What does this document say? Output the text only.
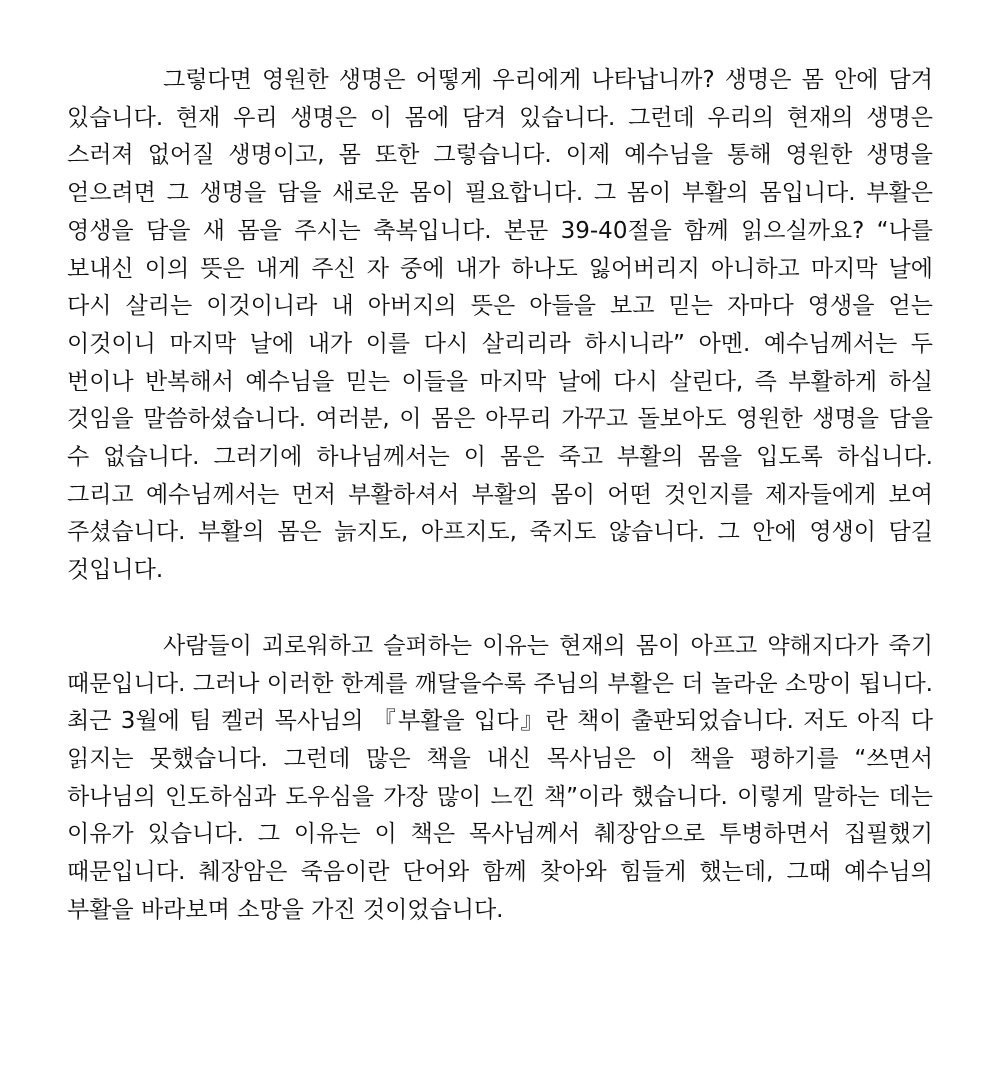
그렇다면 영원한 생명은 어떻게 우리에게 나타납니까? 생명은 몸 안에 담겨 있습니다. 현재 우리 생명은 이 몸에 담겨 있습니다. 그런데 우리의 현재의 생명은 스러져 없어질 생명이고, 몸 또한 그렇습니다. 이제 예수님을 통해 영원한 생명을 얻으려면 그 생명을 담을 새로운 몸이 필요합니다. 그 몸이 부활의 몸입니다. 부활은 영생을 담을 새 몸을 주시는 축복입니다. 본문 39-40절을 함께 읽으실까요? “나를 보내신 이의 뜻은 내게 주신 자 중에 내가 하나도 잃어버리지 아니하고 마지막 날에 다시 살리는 이것이니라 내 아버지의 뜻은 아들을 보고 믿는 자마다 영생을 얻는 이것이니 마지막 날에 내가 이를 다시 살리리라 하시니라” 아멘. 예수님께서는 두 번이나 반복해서 예수님을 믿는 이들을 마지막 날에 다시 살린다, 즉 부활하게 하실 것임을 말씀하셨습니다. 여러분, 이 몸은 아무리 가꾸고 돌보아도 영원한 생명을 담을 수 없습니다. 그러기에 하나님께서는 이 몸은 죽고 부활의 몸을 입도록 하십니다. 그리고 예수님께서는 먼저 부활하셔서 부활의 몸이 어떤 것인지를 제자들에게 보여 주셨습니다. 부활의 몸은 늙지도, 아프지도, 죽지도 않습니다. 그 안에 영생이 담길 것입니다.

사람들이 괴로워하고 슬퍼하는 이유는 현재의 몸이 아프고 약해지다가 죽기 때문입니다. 그러나 이러한 한계를 깨달을수록 주님의 부활은 더 놀라운 소망이 됩니다. 최근 3월에 팀 켈러 목사님의 『부활을 입다』란 책이 출판되었습니다. 저도 아직 다 읽지는 못했습니다. 그런데 많은 책을 내신 목사님은 이 책을 평하기를 “쓰면서 하나님의 인도하심과 도우심을 가장 많이 느낀 책”이라 했습니다. 이렇게 말하는 데는 이유가 있습니다. 그 이유는 이 책은 목사님께서 췌장암으로 투병하면서 집필했기 때문입니다. 췌장암은 죽음이란 단어와 함께 찾아와 힘들게 했는데, 그때 예수님의 부활을 바라보며 소망을 가진 것이었습니다.
